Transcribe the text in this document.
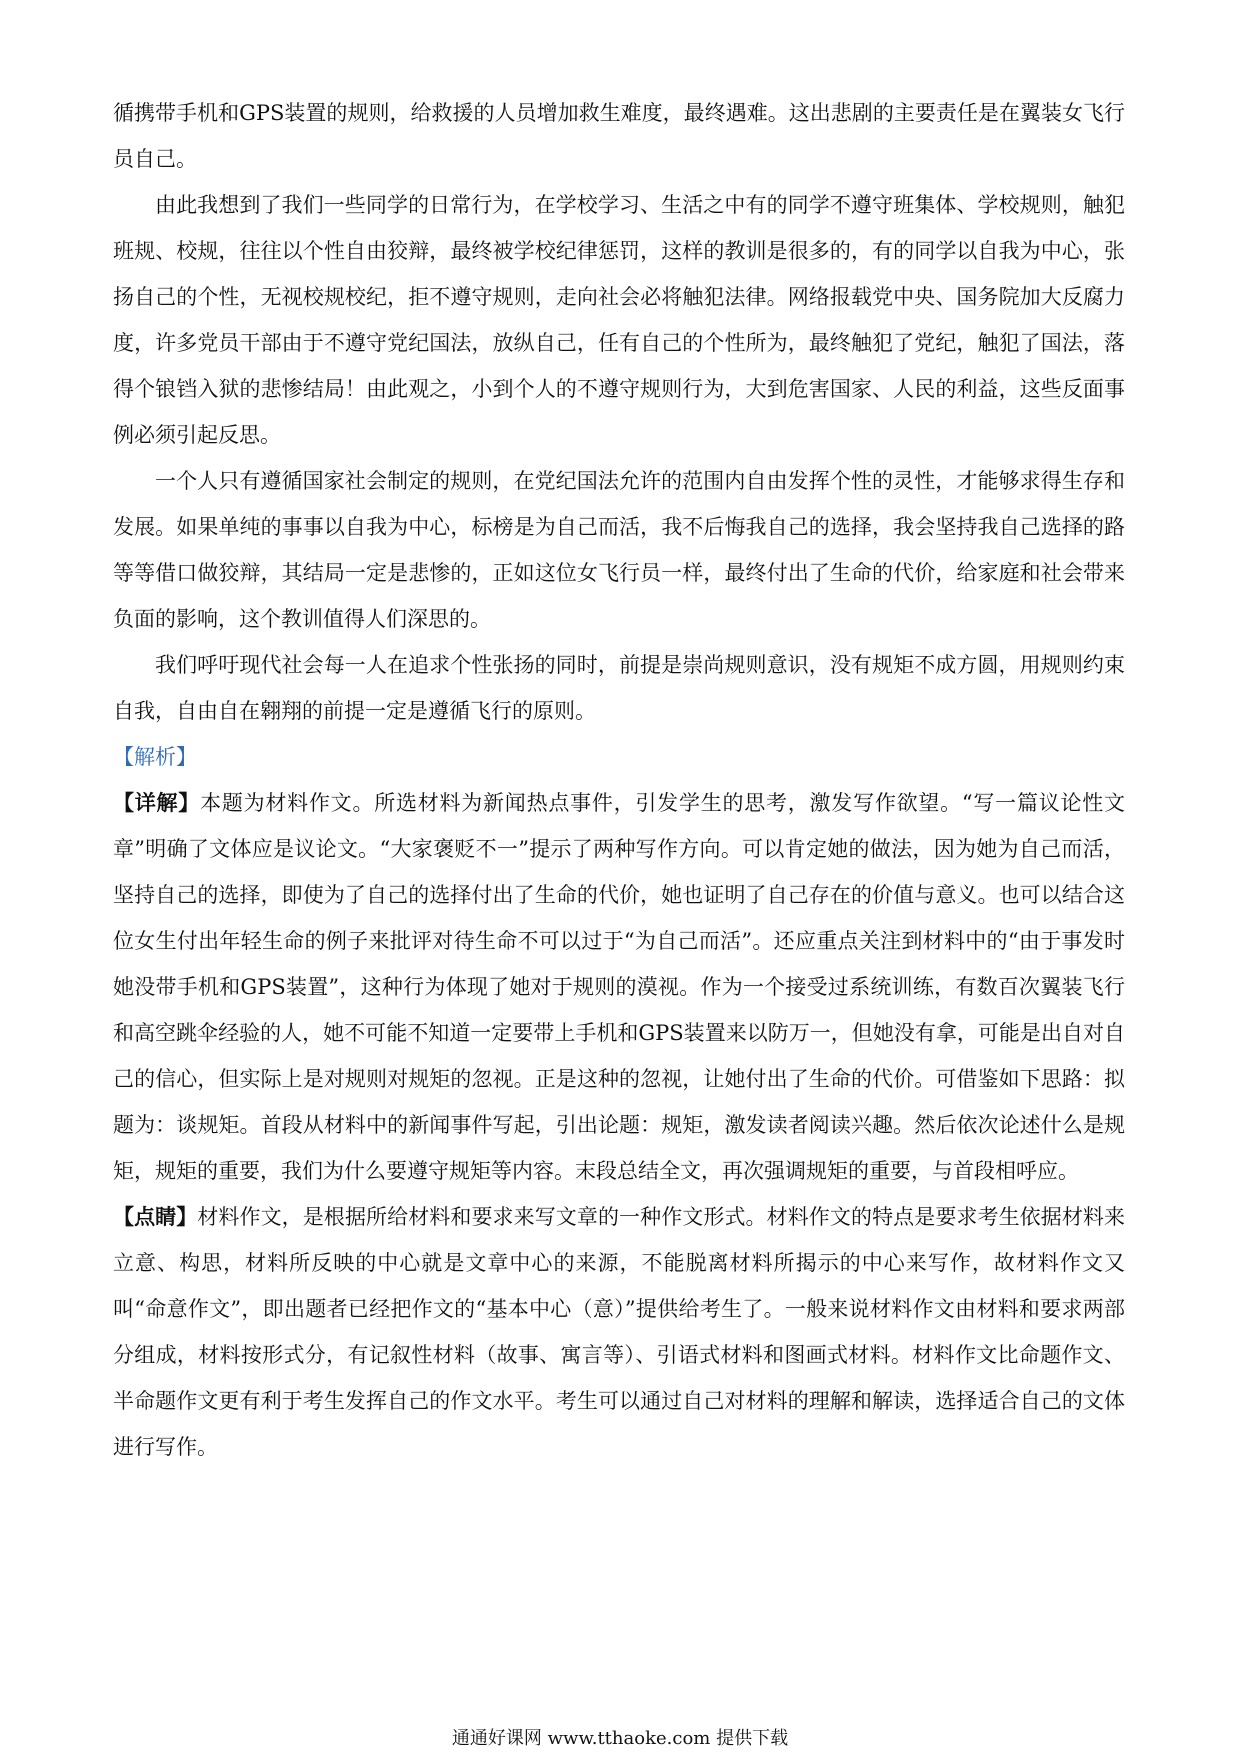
循携带手机和GPS装置的规则，给救援的人员增加救生难度，最终遇难。这出悲剧的主要责任是在翼装女飞行员自己。

由此我想到了我们一些同学的日常行为，在学校学习、生活之中有的同学不遵守班集体、学校规则，触犯班规、校规，往往以个性自由狡辩，最终被学校纪律惩罚，这样的教训是很多的，有的同学以自我为中心，张扬自己的个性，无视校规校纪，拒不遵守规则，走向社会必将触犯法律。网络报载党中央、国务院加大反腐力度，许多党员干部由于不遵守党纪国法，放纵自己，任有自己的个性所为，最终触犯了党纪，触犯了国法，落得个锒铛入狱的悲惨结局！由此观之，小到个人的不遵守规则行为，大到危害国家、人民的利益，这些反面事例必须引起反思。

一个人只有遵循国家社会制定的规则，在党纪国法允许的范围内自由发挥个性的灵性，才能够求得生存和发展。如果单纯的事事以自我为中心，标榜是为自己而活，我不后悔我自己的选择，我会坚持我自己选择的路等等借口做狡辩，其结局一定是悲惨的，正如这位女飞行员一样，最终付出了生命的代价，给家庭和社会带来负面的影响，这个教训值得人们深思的。

我们呼吁现代社会每一人在追求个性张扬的同时，前提是崇尚规则意识，没有规矩不成方圆，用规则约束自我，自由自在翱翔的前提一定是遵循飞行的原则。

【解析】

【详解】本题为材料作文。所选材料为新闻热点事件，引发学生的思考，激发写作欲望。“写一篇议论性文章”明确了文体应是议论文。“大家褒贬不一”提示了两种写作方向。可以肯定她的做法，因为她为自己而活，坚持自己的选择，即使为了自己的选择付出了生命的代价，她也证明了自己存在的价值与意义。也可以结合这位女生付出年轻生命的例子来批评对待生命不可以过于“为自己而活”。还应重点关注到材料中的“由于事发时她没带手机和GPS装置”，这种行为体现了她对于规则的漠视。作为一个接受过系统训练，有数百次翼装飞行和高空跳伞经验的人，她不可能不知道一定要带上手机和GPS装置来以防万一，但她没有拿，可能是出自对自己的信心，但实际上是对规则对规矩的忽视。正是这种的忽视，让她付出了生命的代价。可借鉴如下思路：拟题为：谈规矩。首段从材料中的新闻事件写起，引出论题：规矩，激发读者阅读兴趣。然后依次论述什么是规矩，规矩的重要，我们为什么要遵守规矩等内容。末段总结全文，再次强调规矩的重要，与首段相呼应。

【点睛】材料作文，是根据所给材料和要求来写文章的一种作文形式。材料作文的特点是要求考生依据材料来立意、构思，材料所反映的中心就是文章中心的来源，不能脱离材料所揭示的中心来写作，故材料作文又叫“命意作文”，即出题者已经把作文的“基本中心（意）”提供给考生了。一般来说材料作文由材料和要求两部分组成，材料按形式分，有记叙性材料（故事、寓言等）、引语式材料和图画式材料。材料作文比命题作文、半命题作文更有利于考生发挥自己的作文水平。考生可以通过自己对材料的理解和解读，选择适合自己的文体进行写作。

通通好课网 www.tthaoke.com 提供下载
